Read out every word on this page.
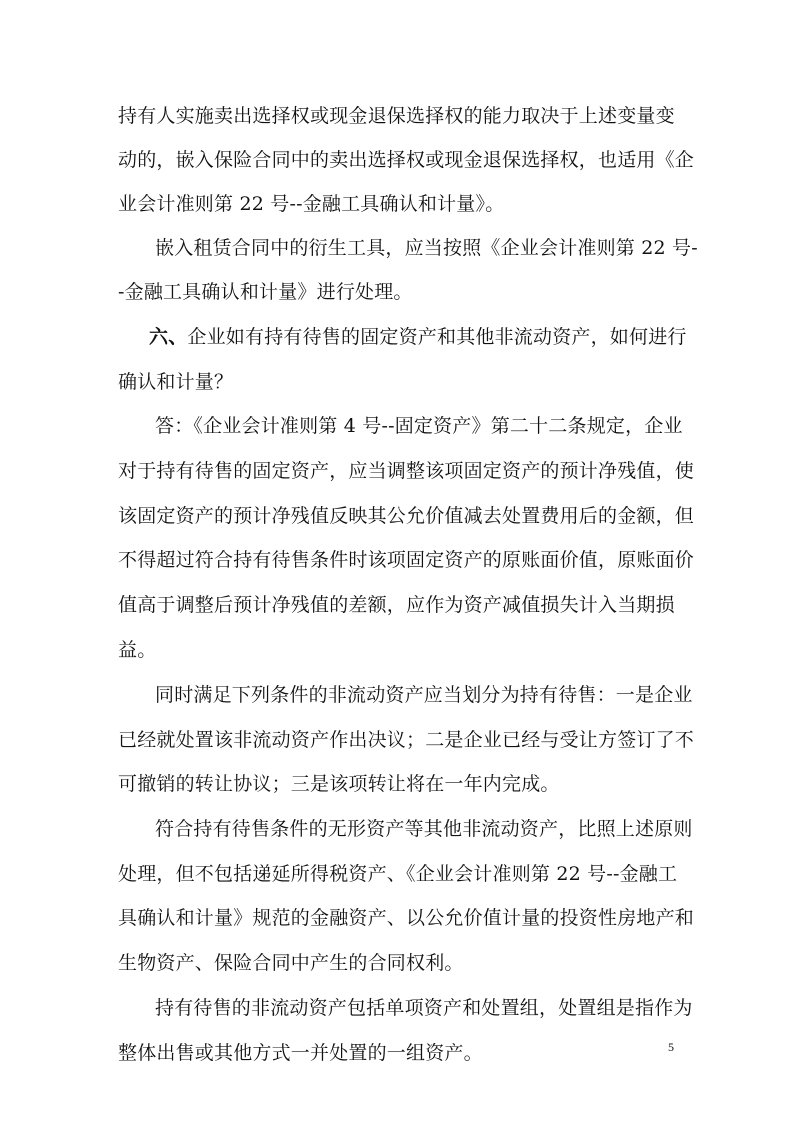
持有人实施卖出选择权或现金退保选择权的能力取决于上述变量变
动的，嵌入保险合同中的卖出选择权或现金退保选择权，也适用《企
业会计准则第 22 号--金融工具确认和计量》。
嵌入租赁合同中的衍生工具，应当按照《企业会计准则第 22 号-
-金融工具确认和计量》进行处理。
六、企业如有持有待售的固定资产和其他非流动资产，如何进行
确认和计量？
答：《企业会计准则第 4 号--固定资产》第二十二条规定，企业
对于持有待售的固定资产，应当调整该项固定资产的预计净残值，使
该固定资产的预计净残值反映其公允价值减去处置费用后的金额，但
不得超过符合持有待售条件时该项固定资产的原账面价值，原账面价
值高于调整后预计净残值的差额，应作为资产减值损失计入当期损
益。
同时满足下列条件的非流动资产应当划分为持有待售：一是企业
已经就处置该非流动资产作出决议；二是企业已经与受让方签订了不
可撤销的转让协议；三是该项转让将在一年内完成。
符合持有待售条件的无形资产等其他非流动资产，比照上述原则
处理，但不包括递延所得税资产、《企业会计准则第 22 号--金融工
具确认和计量》规范的金融资产、以公允价值计量的投资性房地产和
生物资产、保险合同中产生的合同权利。
持有待售的非流动资产包括单项资产和处置组，处置组是指作为
整体出售或其他方式一并处置的一组资产。	5
